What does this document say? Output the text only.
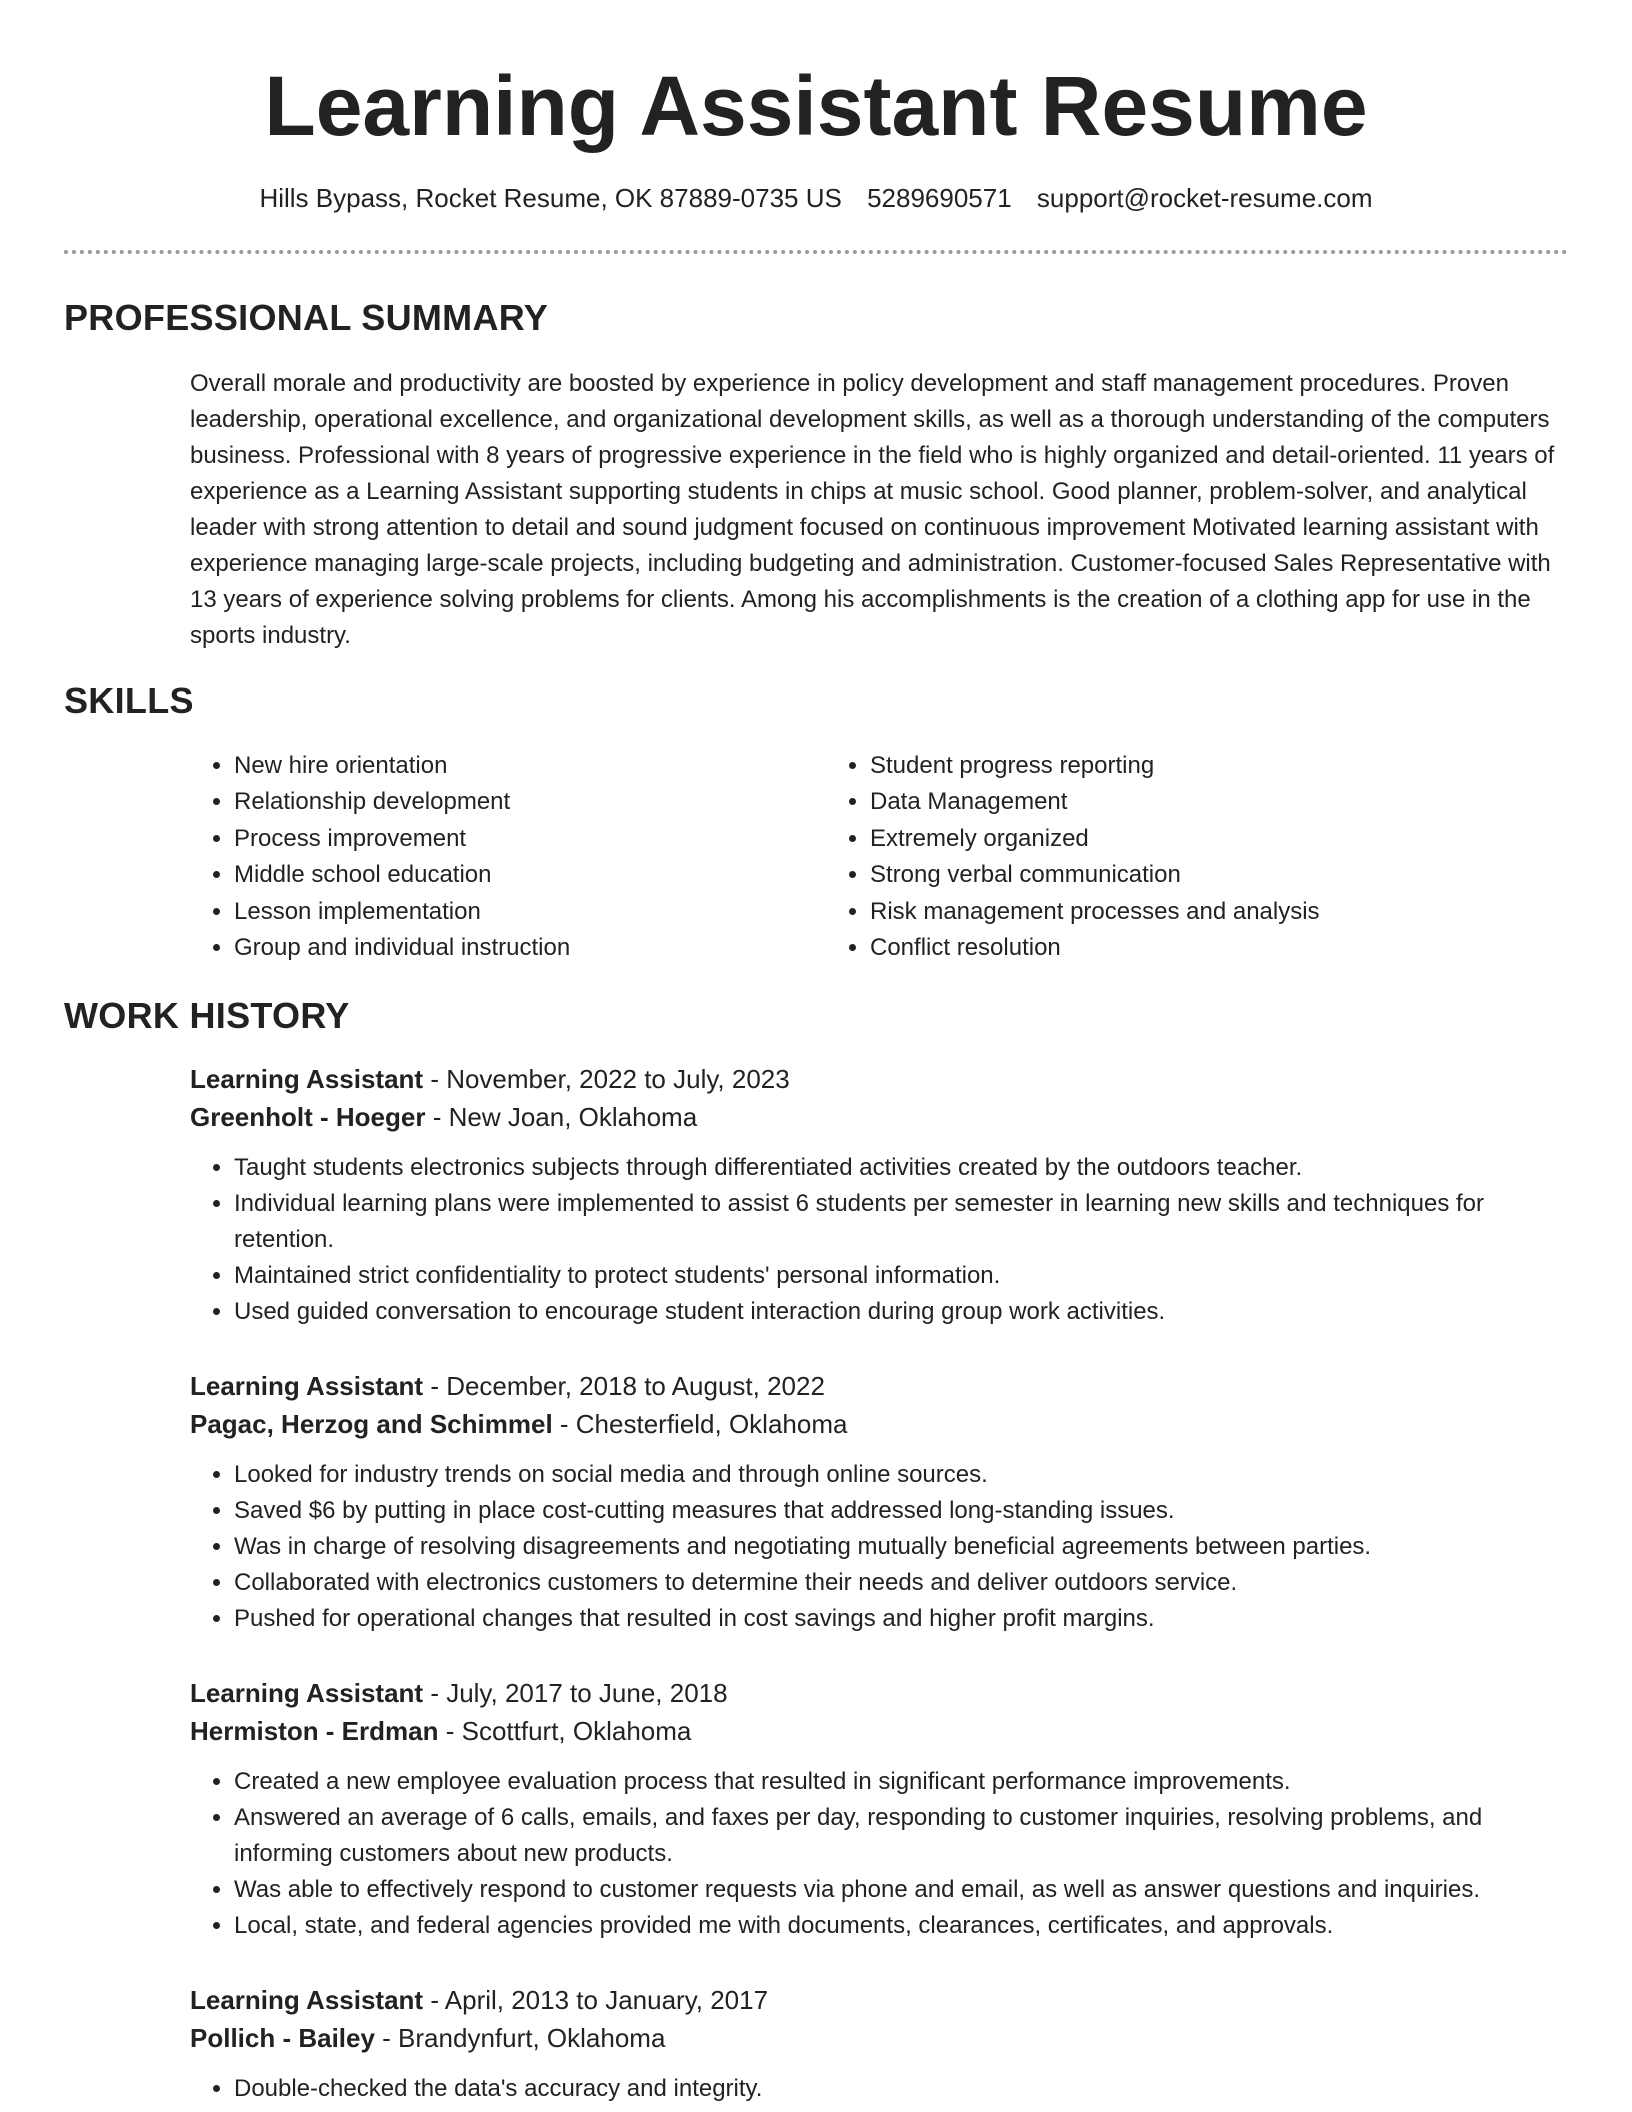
Learning Assistant Resume
Hills Bypass, Rocket Resume, OK 87889-0735 US 5289690571 support@rocket-resume.com
PROFESSIONAL SUMMARY

Overall morale and productivity are boosted by experience in policy development and staff management procedures. Proven leadership, operational excellence, and organizational development skills, as well as a thorough understanding of the computers business. Professional with 8 years of progressive experience in the field who is highly organized and detail-oriented. 11 years of experience as a Learning Assistant supporting students in chips at music school. Good planner, problem-solver, and analytical leader with strong attention to detail and sound judgment focused on continuous improvement Motivated learning assistant with experience managing large-scale projects, including budgeting and administration. Customer-focused Sales Representative with 13 years of experience solving problems for clients. Among his accomplishments is the creation of a clothing app for use in the sports industry.

SKILLS
• New hire orientation
• Relationship development
• Process improvement
• Middle school education
• Lesson implementation
• Group and individual instruction
• Student progress reporting
• Data Management
• Extremely organized
• Strong verbal communication
• Risk management processes and analysis
• Conflict resolution
WORK HISTORY

Learning Assistant - November, 2022 to July, 2023

Greenholt - Hoeger - New Joan, Oklahoma

• Taught students electronics subjects through differentiated activities created by the outdoors teacher.
• Individual learning plans were implemented to assist 6 students per semester in learning new skills and techniques for retention.
• Maintained strict confidentiality to protect students' personal information.
• Used guided conversation to encourage student interaction during group work activities.

Learning Assistant - December, 2018 to August, 2022

Pagac, Herzog and Schimmel - Chesterfield, Oklahoma

• Looked for industry trends on social media and through online sources.
• Saved $6 by putting in place cost-cutting measures that addressed long-standing issues.
• Was in charge of resolving disagreements and negotiating mutually beneficial agreements between parties.
• Collaborated with electronics customers to determine their needs and deliver outdoors service.
• Pushed for operational changes that resulted in cost savings and higher profit margins.

Learning Assistant - July, 2017 to June, 2018

Hermiston - Erdman - Scottfurt, Oklahoma

• Created a new employee evaluation process that resulted in significant performance improvements.
• Answered an average of 6 calls, emails, and faxes per day, responding to customer inquiries, resolving problems, and informing customers about new products.
• Was able to effectively respond to customer requests via phone and email, as well as answer questions and inquiries.
• Local, state, and federal agencies provided me with documents, clearances, certificates, and approvals.

Learning Assistant - April, 2013 to January, 2017

Pollich - Bailey - Brandynfurt, Oklahoma

• Double-checked the data's accuracy and integrity.
